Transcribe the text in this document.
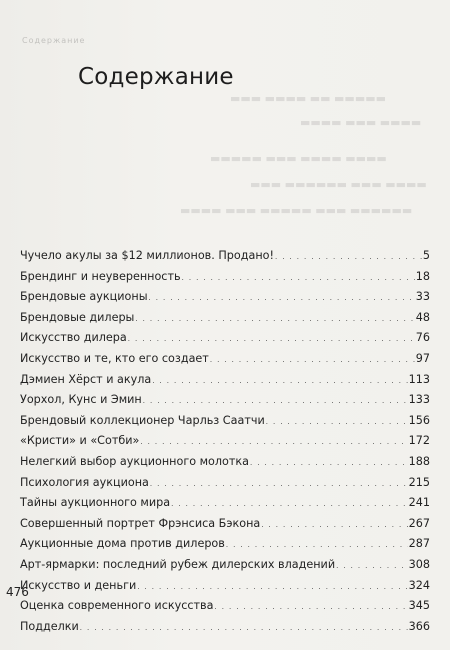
▬▬▬ ▬▬▬▬ ▬▬ ▬▬▬▬▬
▬▬▬▬ ▬▬▬ ▬▬▬▬
▬▬▬▬▬ ▬▬▬ ▬▬▬▬ ▬▬▬▬
▬▬▬ ▬▬▬▬▬▬ ▬▬▬ ▬▬▬▬
▬▬▬▬ ▬▬▬ ▬▬▬▬▬ ▬▬▬ ▬▬▬▬▬▬
Содержание
Содержание
Чучело акулы за $12 миллионов. Продано! . . .	5
Брендинг и неуверенность . . .	18
Брендовые аукционы . . .	33
Брендовые дилеры . . .	48
Искусство дилера . . .	76
Искусство и те, кто его создает . . .	97
Дэмиен Хёрст и акула . . .	113
Уорхол, Кунс и Эмин . . .	133
Брендовый коллекционер Чарльз Саатчи . . .	156
«Кристи» и «Сотби» . . .	172
Нелегкий выбор аукционного молотка . . .	188
Психология аукциона . . .	215
Тайны аукционного мира . . .	241
Совершенный портрет Фрэнсиса Бэкона . . .	267
Аукционные дома против дилеров . . .	287
Арт-ярмарки: последний рубеж дилерских владений . . .	308
Искусство и деньги . . .	324
Оценка современного искусства . . .	345
Подделки . . .	366
476
